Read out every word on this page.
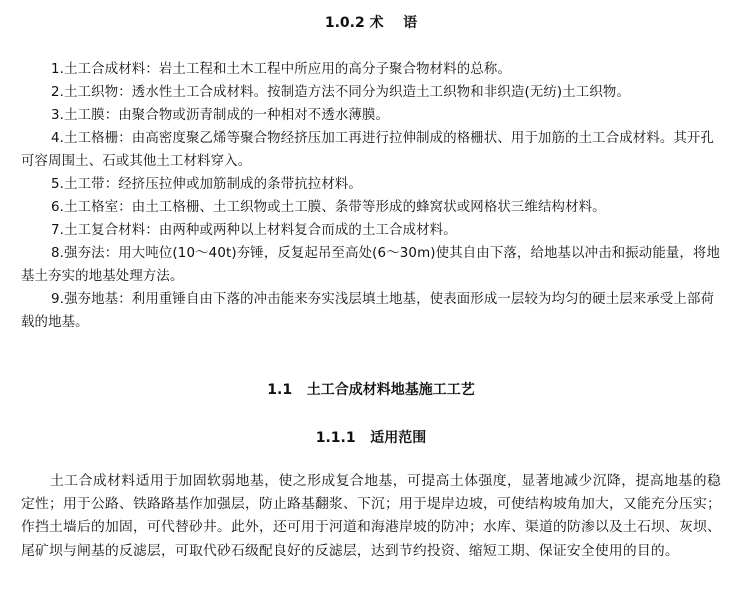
1.0.2 术    语
1.土工合成材料：岩土工程和土木工程中所应用的高分子聚合物材料的总称。
2.土工织物：透水性土工合成材料。按制造方法不同分为织造土工织物和非织造(无纺)土工织物。
3.土工膜：由聚合物或沥青制成的一种相对不透水薄膜。
4.土工格栅：由高密度聚乙烯等聚合物经挤压加工再进行拉伸制成的格栅状、用于加筋的土工合成材料。其开孔可容周围土、石或其他土工材料穿入。
5.土工带：经挤压拉伸或加筋制成的条带抗拉材料。
6.土工格室：由土工格栅、土工织物或土工膜、条带等形成的蜂窝状或网格状三维结构材料。
7.土工复合材料：由两种或两种以上材料复合而成的土工合成材料。
8.强夯法：用大吨位(10～40t)夯锤，反复起吊至高处(6～30m)使其自由下落，给地基以冲击和振动能量，将地基土夯实的地基处理方法。
9.强夯地基：利用重锤自由下落的冲击能来夯实浅层填土地基，使表面形成一层较为均匀的硬土层来承受上部荷载的地基。
1.1   土工合成材料地基施工工艺
1.1.1   适用范围
土工合成材料适用于加固软弱地基，使之形成复合地基，可提高土体强度，显著地减少沉降，提高地基的稳定性；用于公路、铁路路基作加强层，防止路基翻浆、下沉；用于堤岸边坡，可使结构坡角加大，又能充分压实；作挡土墙后的加固，可代替砂井。此外，还可用于河道和海港岸坡的防冲；水库、渠道的防渗以及土石坝、灰坝、尾矿坝与闸基的反滤层，可取代砂石级配良好的反滤层，达到节约投资、缩短工期、保证安全使用的目的。
